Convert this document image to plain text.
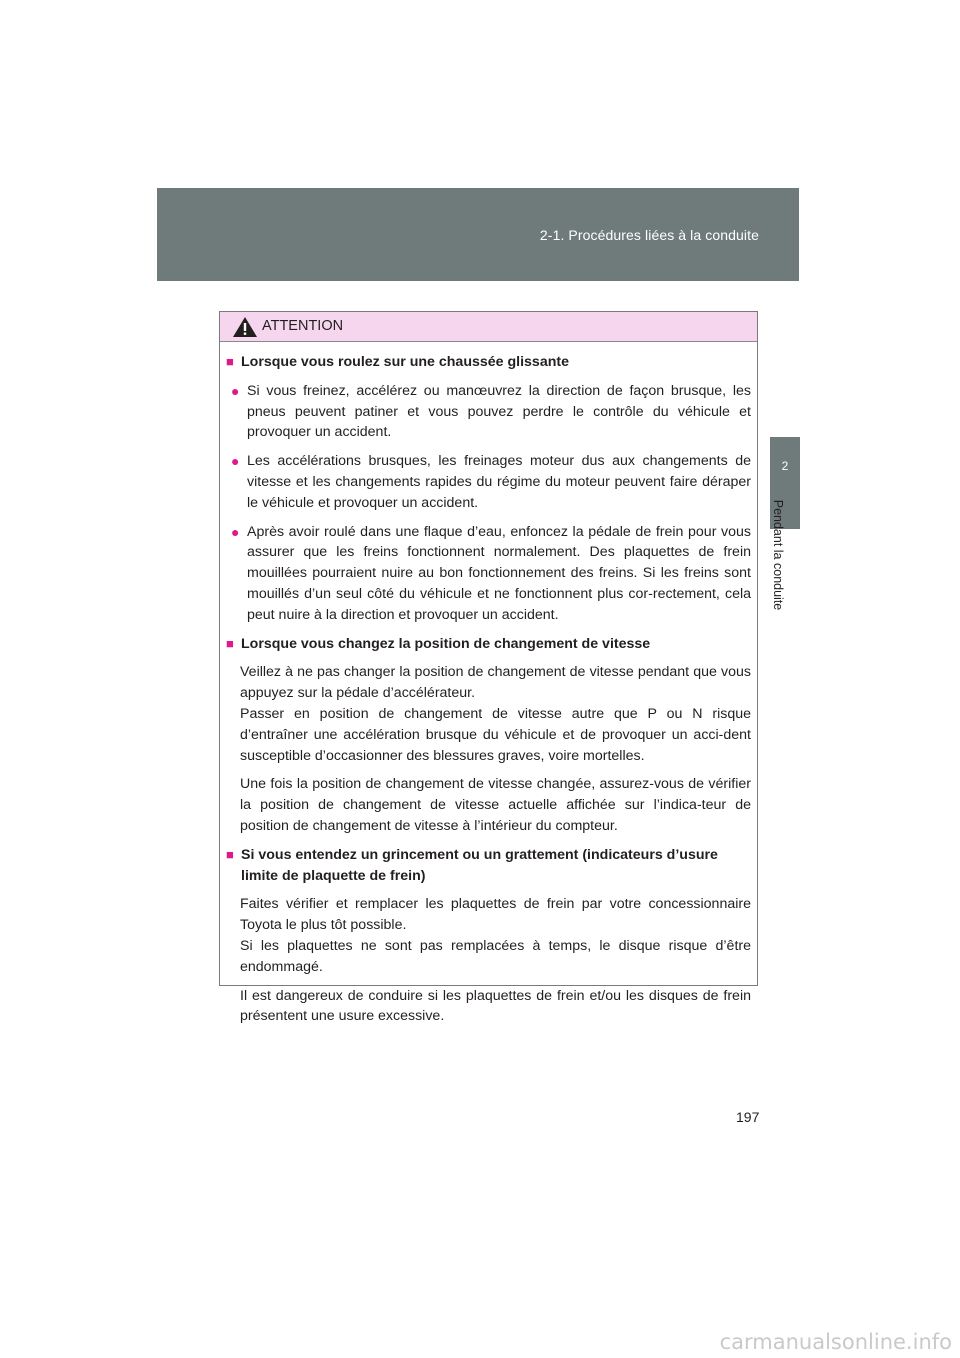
2-1. Procédures liées à la conduite
2
Pendant la conduite
ATTENTION
■ Lorsque vous roulez sur une chaussée glissante
● Si vous freinez, accélérez ou manœuvrez la direction de façon brusque, les pneus peuvent patiner et vous pouvez perdre le contrôle du véhicule et provoquer un accident.
● Les accélérations brusques, les freinages moteur dus aux changements de vitesse et les changements rapides du régime du moteur peuvent faire déraper le véhicule et provoquer un accident.
● Après avoir roulé dans une flaque d’eau, enfoncez la pédale de frein pour vous assurer que les freins fonctionnent normalement. Des plaquettes de frein mouillées pourraient nuire au bon fonctionnement des freins. Si les freins sont mouillés d’un seul côté du véhicule et ne fonctionnent plus cor-rectement, cela peut nuire à la direction et provoquer un accident.
■ Lorsque vous changez la position de changement de vitesse
Veillez à ne pas changer la position de changement de vitesse pendant que vous appuyez sur la pédale d’accélérateur.
Passer en position de changement de vitesse autre que P ou N risque d’entraîner une accélération brusque du véhicule et de provoquer un acci-dent susceptible d’occasionner des blessures graves, voire mortelles.
Une fois la position de changement de vitesse changée, assurez-vous de vérifier la position de changement de vitesse actuelle affichée sur l’indica-teur de position de changement de vitesse à l’intérieur du compteur.
■ Si vous entendez un grincement ou un grattement (indicateurs d’usure limite de plaquette de frein)
Faites vérifier et remplacer les plaquettes de frein par votre concessionnaire Toyota le plus tôt possible.
Si les plaquettes ne sont pas remplacées à temps, le disque risque d’être endommagé.
Il est dangereux de conduire si les plaquettes de frein et/ou les disques de frein présentent une usure excessive.
197
carmanualsonline.info
